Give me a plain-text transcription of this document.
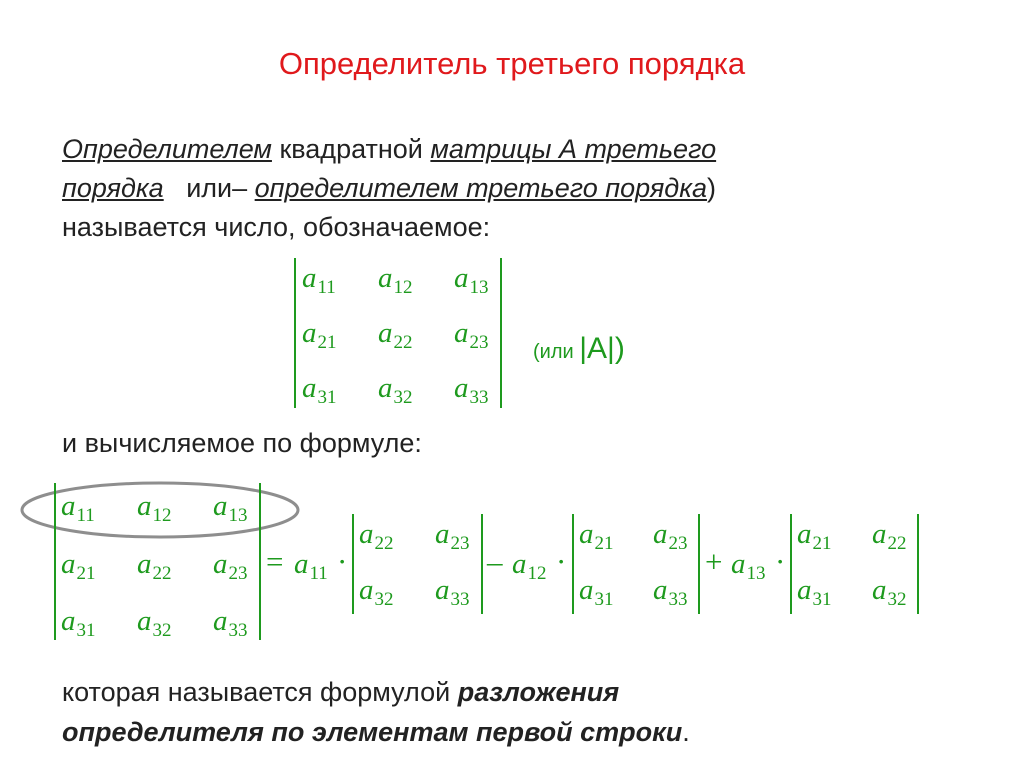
Определитель третьего порядка
Определителем квадратной матрицы А третьего
порядка   или– определителем третьего порядка)
называется число, обозначаемое:
$a_{11}$ $a_{12}$ $a_{13}$
$a_{21}$ $a_{22}$ $a_{23}$
$a_{31}$ $a_{32}$ $a_{33}$
(или |A|)
и вычисляемое по формуле:
$a_{11}$ $a_{12}$ $a_{13}$
$a_{21}$ $a_{22}$ $a_{23}$
$a_{31}$ $a_{32}$ $a_{33}$
= $a_{11}$ ·
$a_{22}$ $a_{23}$
$a_{32}$ $a_{33}$
– $a_{12}$ ·
$a_{21}$ $a_{23}$
$a_{31}$ $a_{33}$
+ $a_{13}$ ·
$a_{21}$ $a_{22}$
$a_{31}$ $a_{32}$
которая называется формулой разложения
определителя по элементам первой строки.
